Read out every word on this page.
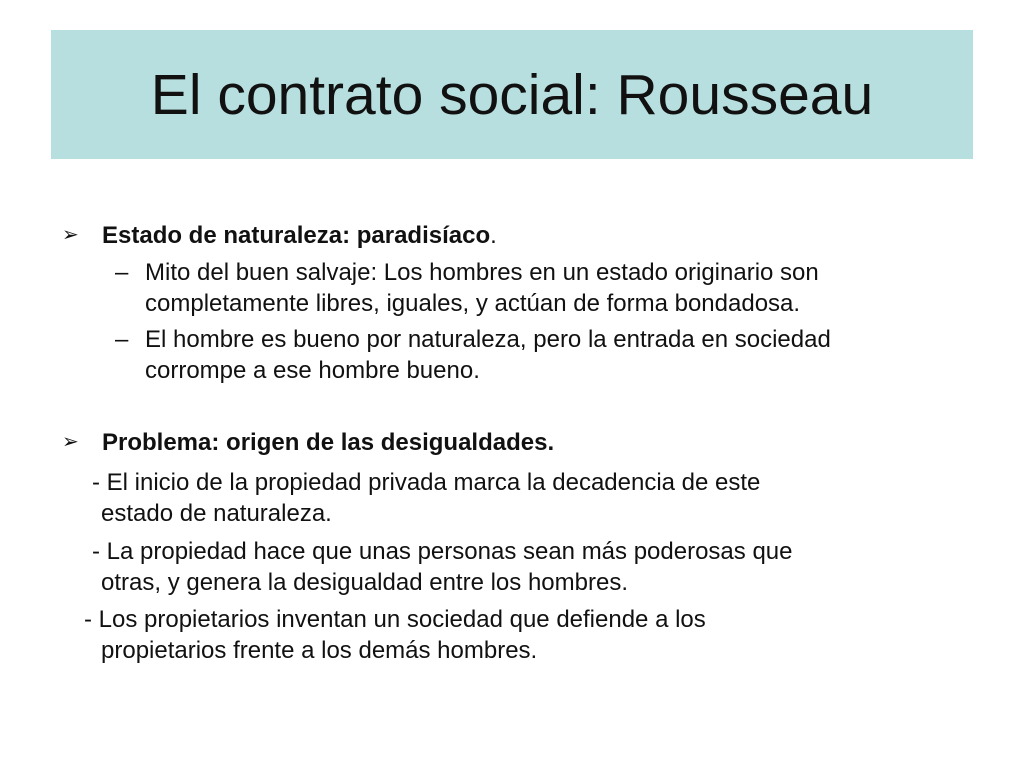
El contrato social: Rousseau
➢ Estado de naturaleza: paradisíaco.
– Mito del buen salvaje: Los hombres en un estado originario son
completamente libres, iguales, y actúan de forma bondadosa.
– El hombre es bueno por naturaleza, pero la entrada en sociedad
corrompe a ese hombre bueno.
➢ Problema: origen de las desigualdades.
- El inicio de la propiedad privada marca la decadencia de este
estado de naturaleza.
- La propiedad hace que unas personas sean más poderosas que
otras, y genera la desigualdad entre los hombres.
- Los propietarios inventan un sociedad que defiende a los
propietarios frente a los demás hombres.
